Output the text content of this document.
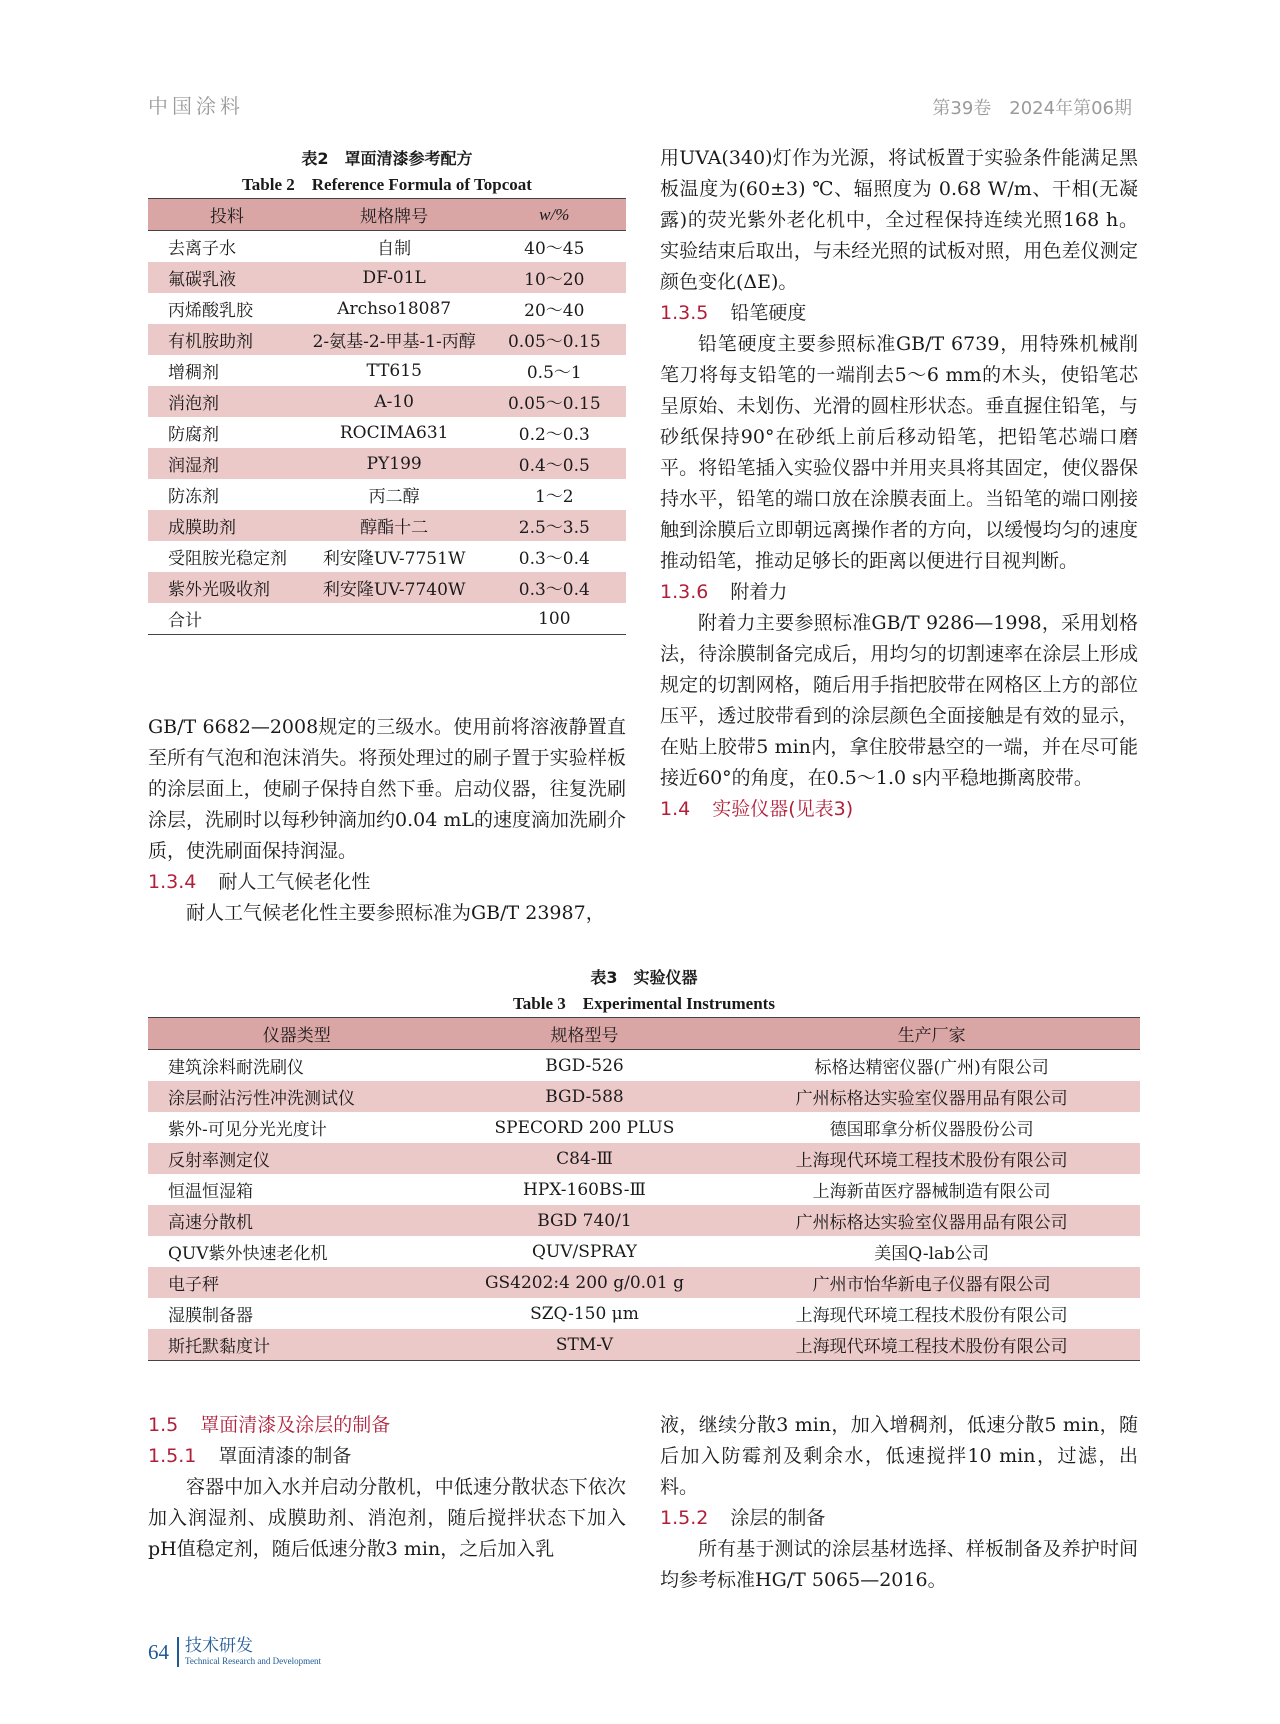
中国涂料	第39卷　2024年第06期
表2　罩面清漆参考配方
Table 2　Reference Formula of Topcoat
投料	规格牌号	w/%
去离子水	自制	40～45
氟碳乳液	DF-01L	10～20
丙烯酸乳胶	Archso18087	20～40
有机胺助剂	2-氨基-2-甲基-1-丙醇	0.05～0.15
增稠剂	TT615	0.5～1
消泡剂	A-10	0.05～0.15
防腐剂	ROCIMA631	0.2～0.3
润湿剂	PY199	0.4～0.5
防冻剂	丙二醇	1～2
成膜助剂	醇酯十二	2.5～3.5
受阻胺光稳定剂	利安隆UV-7751W	0.3～0.4
紫外光吸收剂	利安隆UV-7740W	0.3～0.4
合计		100

GB/T 6682—2008规定的三级水。使用前将溶液静置直至所有气泡和泡沫消失。将预处理过的刷子置于实验样板的涂层面上，使刷子保持自然下垂。启动仪器，往复洗刷涂层，洗刷时以每秒钟滴加约0.04 mL的速度滴加洗刷介质，使洗刷面保持润湿。

1.3.4 耐人工气候老化性

耐人工气候老化性主要参照标准为GB/T 23987，

用UVA(340)灯作为光源，将试板置于实验条件能满足黑板温度为(60±3) ℃、辐照度为 0.68 W/m、干相(无凝露)的荧光紫外老化机中，全过程保持连续光照168 h。实验结束后取出，与未经光照的试板对照，用色差仪测定颜色变化(ΔE)。

1.3.5 铅笔硬度

铅笔硬度主要参照标准GB/T 6739，用特殊机械削笔刀将每支铅笔的一端削去5～6 mm的木头，使铅笔芯呈原始、未划伤、光滑的圆柱形状态。垂直握住铅笔，与砂纸保持90°在砂纸上前后移动铅笔，把铅笔芯端口磨平。将铅笔插入实验仪器中并用夹具将其固定，使仪器保持水平，铅笔的端口放在涂膜表面上。当铅笔的端口刚接触到涂膜后立即朝远离操作者的方向，以缓慢均匀的速度推动铅笔，推动足够长的距离以便进行目视判断。

1.3.6 附着力

附着力主要参照标准GB/T 9286—1998，采用划格法，待涂膜制备完成后，用均匀的切割速率在涂层上形成规定的切割网格，随后用手指把胶带在网格区上方的部位压平，透过胶带看到的涂层颜色全面接触是有效的显示，在贴上胶带5 min内，拿住胶带悬空的一端，并在尽可能接近60°的角度，在0.5～1.0 s内平稳地撕离胶带。

1.4 实验仪器(见表3)
表3　实验仪器
Table 3　Experimental Instruments
仪器类型	规格型号	生产厂家
建筑涂料耐洗刷仪	BGD-526	标格达精密仪器(广州)有限公司
涂层耐沾污性冲洗测试仪	BGD-588	广州标格达实验室仪器用品有限公司
紫外-可见分光光度计	SPECORD 200 PLUS	德国耶拿分析仪器股份公司
反射率测定仪	C84-Ⅲ	上海现代环境工程技术股份有限公司
恒温恒湿箱	HPX-160BS-Ⅲ	上海新苗医疗器械制造有限公司
高速分散机	BGD 740/1	广州标格达实验室仪器用品有限公司
QUV紫外快速老化机	QUV/SPRAY	美国Q-lab公司
电子秤	GS4202:4 200 g/0.01 g	广州市怡华新电子仪器有限公司
湿膜制备器	SZQ-150 μm	上海现代环境工程技术股份有限公司
斯托默黏度计	STM-V	上海现代环境工程技术股份有限公司
1.5 罩面清漆及涂层的制备
1.5.1 罩面清漆的制备

容器中加入水并启动分散机，中低速分散状态下依次加入润湿剂、成膜助剂、消泡剂，随后搅拌状态下加入pH值稳定剂，随后低速分散3 min，之后加入乳

液，继续分散3 min，加入增稠剂，低速分散5 min，随后加入防霉剂及剩余水，低速搅拌10 min，过滤，出料。

1.5.2 涂层的制备

所有基于测试的涂层基材选择、样板制备及养护时间均参考标准HG/T 5065—2016。

64 技术研发
Technical Research and Development
